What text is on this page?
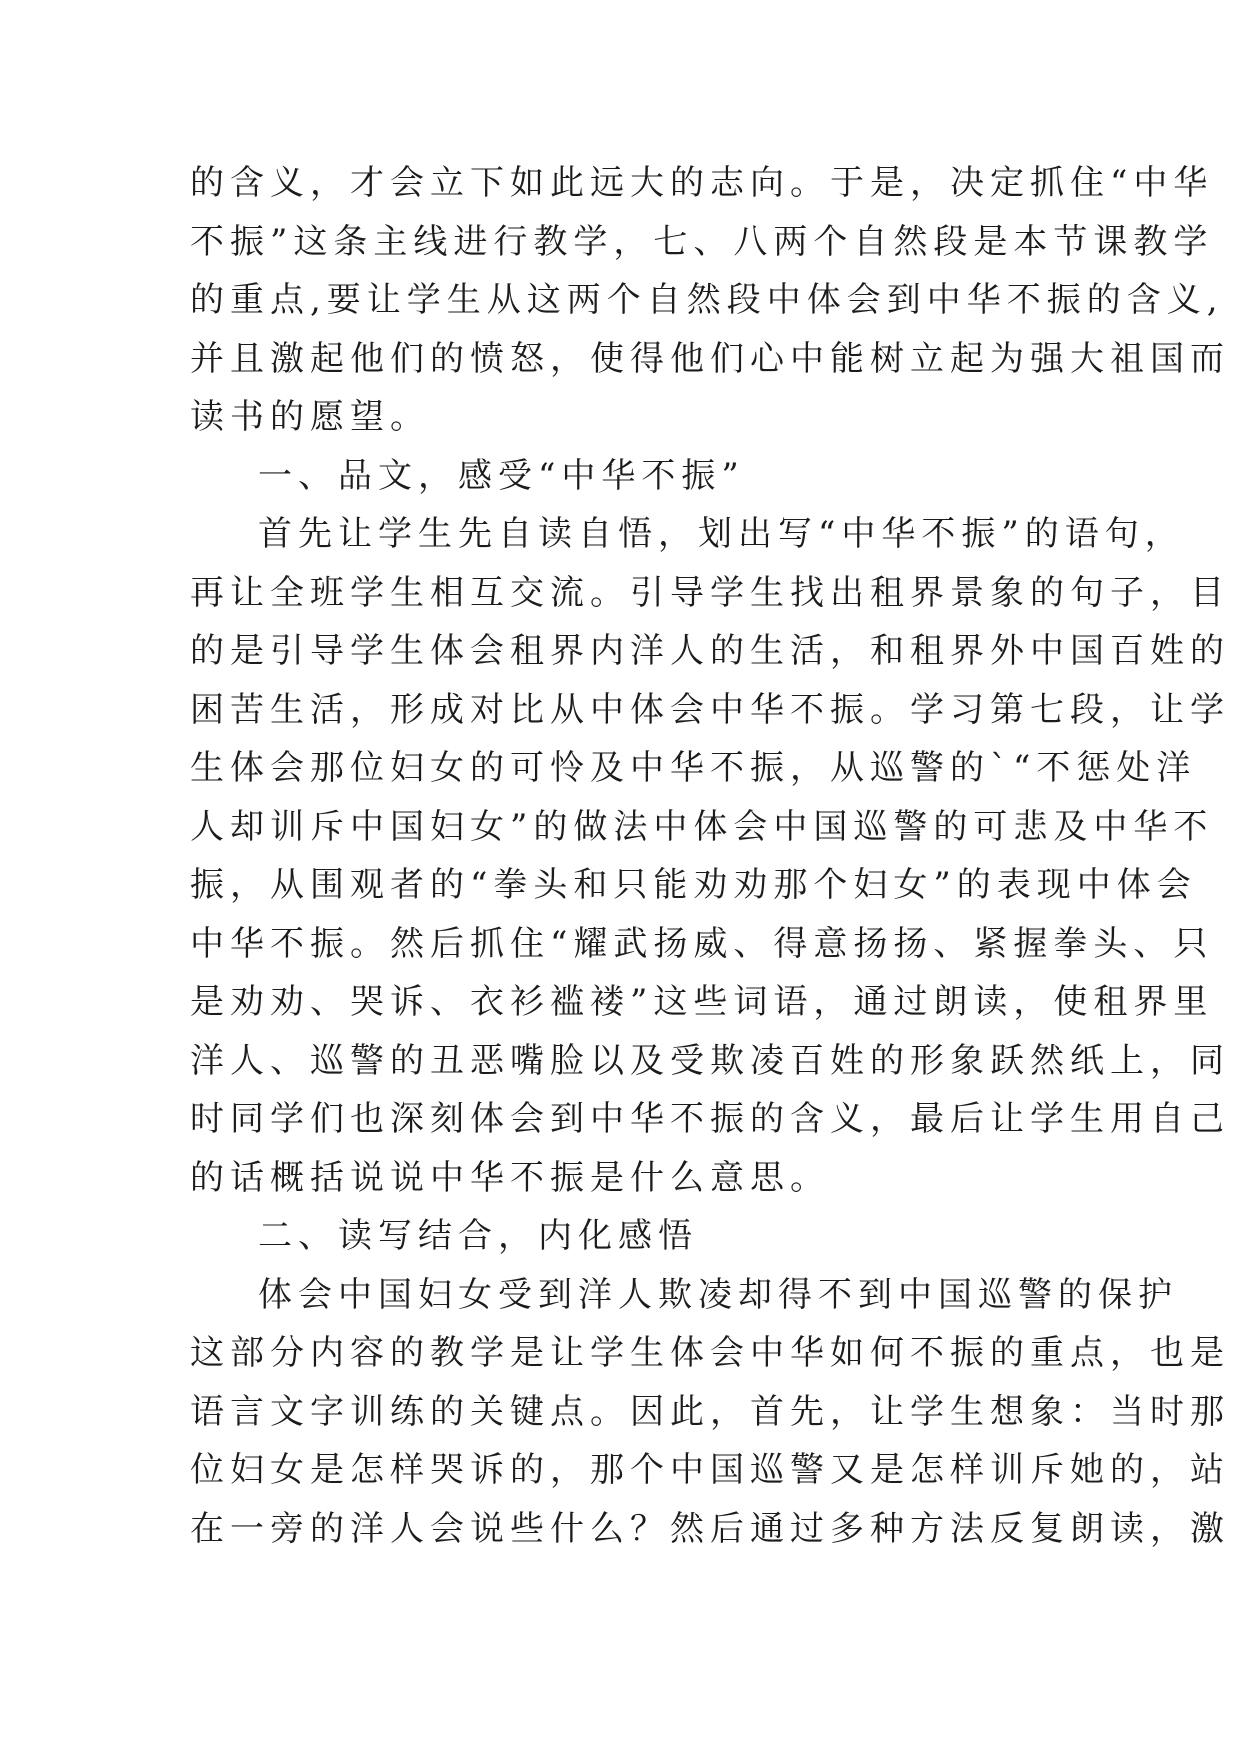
的含义，才会立下如此远大的志向。于是，决定抓住“中华
不振”这条主线进行教学，七、八两个自然段是本节课教学
的重点,要让学生从这两个自然段中体会到中华不振的含义,
并且激起他们的愤怒，使得他们心中能树立起为强大祖国而
读书的愿望。
一、品文，感受“中华不振”
首先让学生先自读自悟，划出写“中华不振”的语句，
再让全班学生相互交流。引导学生找出租界景象的句子，目
的是引导学生体会租界内洋人的生活，和租界外中国百姓的
困苦生活，形成对比从中体会中华不振。学习第七段，让学
生体会那位妇女的可怜及中华不振，从巡警的`“不惩处洋
人却训斥中国妇女”的做法中体会中国巡警的可悲及中华不
振，从围观者的“拳头和只能劝劝那个妇女”的表现中体会
中华不振。然后抓住“耀武扬威、得意扬扬、紧握拳头、只
是劝劝、哭诉、衣衫褴褛”这些词语，通过朗读，使租界里
洋人、巡警的丑恶嘴脸以及受欺凌百姓的形象跃然纸上，同
时同学们也深刻体会到中华不振的含义，最后让学生用自己
的话概括说说中华不振是什么意思。
二、读写结合，内化感悟
体会中国妇女受到洋人欺凌却得不到中国巡警的保护
这部分内容的教学是让学生体会中华如何不振的重点，也是
语言文字训练的关键点。因此，首先，让学生想象：当时那
位妇女是怎样哭诉的，那个中国巡警又是怎样训斥她的，站
在一旁的洋人会说些什么？然后通过多种方法反复朗读，激
